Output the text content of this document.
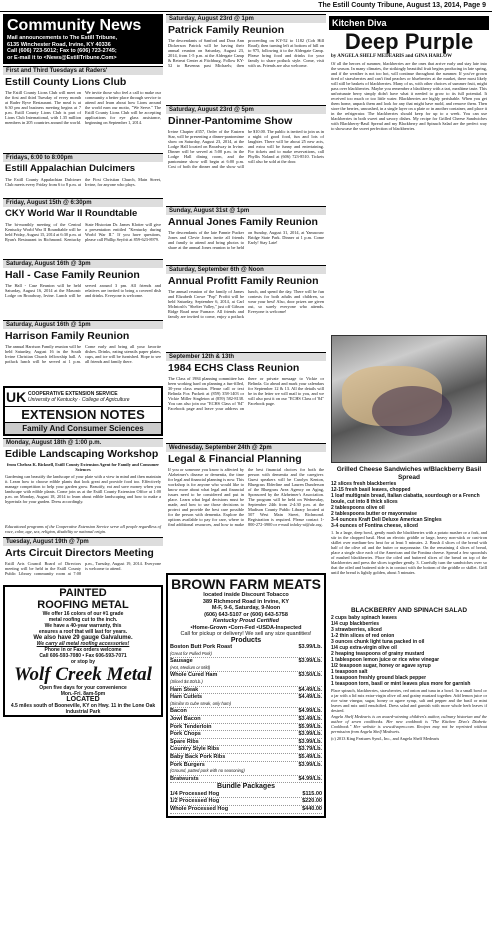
The Estill County Tribune, August 13, 2014, Page 9
Community News
Mail announcements to The Estill Tribune,
6135 Winchester Road, Irvine, KY 40336
Call (606) 723-5012; Fax to (606) 723-2745;
or E-mail it to <News@EstillTribune.Com>
First and Third Tuesdays at Raders'
Estill County Lions Club
The Estill County Lions Club will meet on the first and third Tuesday of every month at Rader Ryve Restaurant. The meal is at 6:30 pm and business meeting begins at 7 p.m. Estill County Lions Club is part of Lions Club International, with 1.35 million members in 205 countries around the world. We invite those who feel a call to make our community a better place through service to attend and learn about how Lions around the world earn our motto, "We Serve." The Estill County Lions Club will be accepting applications for eye glass assistance, beginning on September 1, 2014.
Fridays, 6:00 to 8:00pm
Estill Appalachian Dulcimers
The Estill County Appalachian Dulcimer Club meets every Friday from 6 to 8 p.m. at the First Christian Church, Main Street, Irvine, for anyone who plays.
Friday, August 15th @ 6:30pm
CKY World War II Roundtable
The bi-monthly meeting of the Central Kentucky World War II Roundtable will be held Friday, August 15, 2014 at 6:30 p.m. at Ryan's Restaurant in Richmond. Kentucky State Historian Dr. James Klotter will give a presentation entitled "Kentucky during World War II." If you have questions, please call Phillip Seyfrit at 859-623-8979.
Saturday, August 16th @ 3pm
Hall - Case Family Reunion
The Hall - Case Reunion will be held Saturday, August 16, 2014 at the Masonic Lodge on Broadway, Irvine. Lunch will be served around 3 pm. All friends and relatives are invited to bring a covered dish and drinks. Everyone is welcome.
Saturday, August 16th @ 1pm
Harrison Family Reunion
The annual Harrison Family reunion will be held Saturday, August 16 in the South Irvine Christian Church fellowship hall. A potluck lunch will be served at 1 p.m. Come early and bring all your favorite dishes. Drinks, eating utensils paper plates, cups, and ice will be furnished. Hope to see all friends and family there.
UK COOPERATIVE EXTENSION SERVICE
University of Kentucky · College of Agriculture
EXTENSION NOTES
Family And Consumer Sciences
Monday, August 18th @ 1:00 p.m.
Edible Landscaping Workshop
from Chelsea K. Bicknell, Estill County Extension Agent for Family and Consumer Sciences
Gardening can beautify the landscape of your plate with a view in mind and then maintain it. Learn how to choose edible plants that look great and provide food too. Effectively manage competition to help your garden grow. Beautify, eat and save money when you landscape with edible plants. Come join us at the Estill County Extension Office at 1:00 p.m. on Monday, August 18, 2014 to learn about edible landscaping and how to make a hypertufa for your garden. Dress accordingly.
Educational programs of the Cooperative Extension Service serve all people regardless of race, color, age, sex, religion, disability or national origin.
Tuesday, August 19th @ 7pm
Arts Circuit Directors Meeting
Estill Arts Council Board of Directors meeting will be held in the Estill County Public Library community room at 7:00 p.m., Tuesday, August 19, 2014. Everyone is welcome to attend.
PAINTED
ROOFING METAL
We offer 16 colors of our #1 grade
metal roofing cut to the inch.
We have a 40-year warranty, this
ensures a roof that will last for years.
We also have 29 gauge Galvalume.
We carry all metal roofing accessories!
Phone in or Fax orders welcome
Call 606-593-7080 • Fax 606-593-7071
or stop by
Wolf Creek Metal
Open five days for your convenience
Mon.-Fri. 8am-5pm
LOCATED
4.5 miles south of Booneville, KY on Hwy. 11 in the Lone Oak Industrial Park
Saturday, August 23rd @ 1pm
Patrick Family Reunion
The descendants of Sanford and Dora Ann Dickerson Patrick will be having their annual reunion on Saturday, August 23, 2014, from 1-5 p.m. at the Aldergate Camp & Retreat Center at Fitchburg. Follow KY-52 to Ravenna past Michaels; then proceeding on KY-52 to 1182 (Cob Hill Road); then turning left at bottom of hill on to 975, following it to the Aldergate Camp. Please bring food and drinks for your family to share potluck style. Come, visit with us. Friends are also welcome.
Saturday, August 23rd @ 5pm
Dinner-Pantomime Show
Irvine Chapter #357, Order of the Eastern Star, will be presenting a dinner-pantomime show on Saturday, August 23, 2014, at the Lodge Hall located on Broadway in Irvine. Dinner will be served at 5:00 p.m. in the Lodge Hall dining room, and the pantomime show will begin at 6:00 p.m. Cost of both the dinner and the show will be $10.00. The public is invited to join us in a night of good food, fun and lots of laughter. There will be about 25 new acts, and extra will be funny and entertaining. For tickets and to make reservations, call Phyllis Noland at (606) 723-8510. Tickets will also be sold at the door.
Sunday, August 31st @ 1pm
Annual Jones Family Reunion
The descendants of the late Fannie Pucker Jones and Clevie Jones invite all friends and family to attend and bring photos to share at the annual Jones reunion to be held on Sunday, August 31, 2014, at Yamacraw Bridge State Park. Dinner at 1 p.m. Come Early! Stay Late!
Saturday, September 6th @ Noon
Annual Profitt Family Reunion
The annual reunion of the family of James and Elizabeth Crowe "Pop" Profitt will be held Saturday, September 6, 2014, at Carl McIntosh's "Shelter Valley," just off Gibson Ridge Road near Furnace. All friends and family are invited to come, enjoy a potluck lunch, and spend the day. There will be fun contests for both adults and children, so wear your best! Also, door prizes are given out, so surely everyone who attends. Everyone is welcome!
September 12th & 13th
1984 ECHS Class Reunion
The Class of 1984 planning committee has been working hard on planning a fun-filled, 30-year class reunion. Please call or text Belinda Fox Puckett at (859) 358-1403 or Vickie Miller Singleton at (859) 582-8138. You can also join our "ECHS Class of '84" Facebook page and leave your address on there or private message to Vickie or Belinda. Go ahead and mark your calendars for September 12 & 13. All the details will be in the letter we will mail to you, and we will also post it on our "ECHS Class of '84" Facebook page.
Wednesday, September 24th @ 2pm
Legal & Financial Planning
If you or someone you know is affected by Alzheimer's disease or dementia, the time for legal and financial planning is now. This workshop is for anyone who would like to know more about what legal and financial issues need to be considered and put in place. Learn what legal decisions must be made, and how to use those decisions to protect and provide the best care possible for the person with dementia. Explore the options available to pay for care, where to find additional resources, and how to make the best financial choices for both the person with dementia and the caregiver. Guest speakers will be Carolyn Kenton, Bluegrass Elderline and Lauren Dunderson of the Bluegrass Area Agency on Aging, Sponsored by the Alzheimer's Association. The program will be held on Wednesday, September 24th from 2-4:30 p.m. at the Madison County Public Library located at 507 West Main Street, Richmond. Registration is required. Please contact 1-800-272-3900 or e-mail infoky-ai@alz.org.
BROWN FARM MEATS
located inside Discount Tobacco
389 Richmond Road in Irvine, KY
M-F, 9-6, Saturday, 9-Noon
(606) 643-5107 or (606) 643-5758
Kentucky Proud Certified
•Home-Grown •Corn-Fed •USDA-Inspected
Call for pickup or delivery! We sell any size quantities!
Products
Boston Butt Pork Roast
(Great for Pulled Pork)
$3.99/Lb.
Sausage
(Hot, Medium or Mild)
$3.99/Lb.
Whole Cured Ham
(Sliced $4.00/Lb.)
$3.50/Lb.
Ham Steak	$4.49/Lb.
Ham Cutlets
(Similar to cube steak, only ham)
$4.49/Lb.
Bacon	$4.99/Lb.
Jowl Bacon	$3.49/Lb.
Pork Tenderloin	$5.99/Lb.
Pork Chops	$3.99/Lb.
Spare Ribs	$3.99/Lb.
Country Style Ribs	$3.79/Lb.
Baby Back Pork Ribs	$5.49/Lb.
Pork Burgers
(Ground, patted pork with no seasoning)
$3.99/Lb.
Bratwursts	$4.99/Lb.
Bundle Packages
1/4 Processed Hog	$115.00
1/2 Processed Hog	$220.00
Whole Processed Hog	$440.00
Kitchen Diva
Deep Purple
by ANGELA SHELF MEDEARIS and GINA HARLOW
Of all the heroes of summer, blackberries are the ones that arrive early and stay late into the season. In many climates, the strikingly beautiful fruit begins producing in late spring, and if the weather is not too hot, will continue throughout the summer. If you've grown tired of strawberries and can't find peaches or blueberries at the market, there most likely will still be baskets of blackberries. Many of us, with other choices of summer fruit, might pass over blackberries. Maybe you remember a blackberry with a tart, mealtime taste. This unfortunate berry simply didn't have what it needed to grow to its full potential. It received too much or too little water. Blackberries are highly perishable. When you get them home, unpack them and look for any that might have mold, and remove them. Then store the berries, unwashed, in a single layer on a plate or in another container, and place it in the refrigerator. The blackberries should keep for up to a week. You can use blackberries in both sweet and savory dishes. My recipe for Grilled Cheese Sandwiches with Blackberry-Basil Spread and my Blackberry and Spinach Salad are the perfect way to showcase the sweet perfection of blackberries.
Grilled Cheese Sandwiches w/Blackberry Basil Spread
12 slices fresh blackberries
12-15 fresh basil leaves, chopped
1 loaf multigrain bread, Italian ciabatta, sourdough or a French boule, cut into 8 thick slices
2 tablespoons olive oil
2 tablespoons butter or mayonnaise
3-4 ounces Kraft Deli Deluxe American Singles
3-4 ounces of Fontina cheese, sliced
1. In a large, deep bowl, gently mash the blackberries with a potato masher or a fork, and stir in the chopped basil. Heat an electric griddle or large, heavy non-stick or cast-iron skillet over medium-low heat for at least 5 minutes. 2. Brush 4 slices of the bread with half of the olive oil and the butter or mayonnaise. On the remaining 4 slices of bread, place a single slice each of the American and the Fontina cheese. Spread a few spoonfuls of mashed blackberries. Place the oiled and buttered slices of the bread on top of the blackberries and press the slices together gently. 3. Carefully turn the sandwiches over so that the oiled and buttered side is in contact with the bottom of the griddle or skillet. Grill until the bread is lightly golden, about 5 minutes.
BLACKBERRY AND SPINACH SALAD
2 cups baby spinach leaves
1/4 cup blackberries
3 strawberries, sliced
1-2 thin slices of red onion
3 ounces chunk light tuna packed in oil
1/4 cup extra-virgin olive oil
2 heaping teaspoons of grainy mustard
1 tablespoon lemon juice or rice wine vinegar
1/2 teaspoon sugar, honey or agave syrup
1 teaspoon salt
1 teaspoon freshly ground black pepper
1 teaspoon torn, basil or mint leaves plus more for garnish
Place spinach, blackberries, strawberries, red onion and tuna in a bowl. In a small bowl or a jar with a lid mix extra-virgin olive oil and grainy mustard together. Add lemon juice or rice wine vinegar, sugar, honey or agave syrup, salt and pepper and the basil or mint leaves and mix until emulsified. Dress salad and garnish with more whole herb leaves if desired.
Angela Shelf Medearis is an award-winning children's author, culinary historian and the author of seven cookbooks. Her new cookbook is "The Kitchen Diva's Diabetic Cookbook." Her website is www.divapro.com. Recipes may not be reprinted without permission from Angela Shelf Medearis.
(c) 2013 King Features Synd., Inc., and Angela Shelf Medearis
